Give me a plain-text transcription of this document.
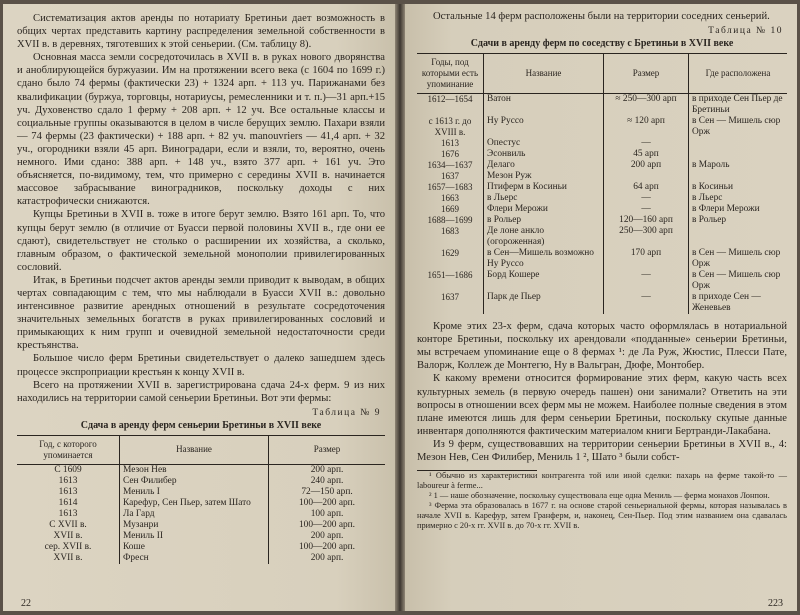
Систематизация актов аренды по нотариату Бретиньи дает возможность в общих чертах представить картину распределения земельной собственности в XVII в. в деревнях, тяготевших к этой сеньерии. (См. таблицу 8).

Основная масса земли сосредоточилась в XVII в. в руках нового дворянства и аноблирующейся буржуазии. Им на протяжении всего века (с 1604 по 1699 г.) сдано было 74 фермы (фактически 23) + 1324 арп. + 113 уч. Парижанами без квалификации (буржуа, торговцы, нотариусы, ремесленники и т. п.)—31 арп.+15 уч. Духовенство сдало 1 ферму + 208 арп. + 12 уч. Все остальные классы и социальные группы оказываются в целом в числе берущих землю. Пахари взяли — 74 фермы (23 фактически) + 188 арп. + 82 уч. manouvriers — 41,4 арп. + 32 уч., огородники взяли 45 арп. Виноградари, если и взяли, то, вероятно, очень немного. Ими сдано: 388 арп. + 148 уч., взято 377 арп. + 161 уч. Это объясняется, по-видимому, тем, что примерно с середины XVII в. начинается массовое забрасывание виноградников, поскольку доходы с них катастрофически снижаются.

Купцы Бретиньи в XVII в. тоже в итоге берут землю. Взято 161 арп. То, что купцы берут землю (в отличие от Буасси первой половины XVII в., где они ее сдают), свидетельствует не столько о расширении их хозяйства, а сколько, главным образом, о фактической земельной монополии привилегированных сословий.

Итак, в Бретиньи подсчет актов аренды земли приводит к выводам, в общих чертах совпадающим с тем, что мы наблюдали в Буасси XVII в.: довольно интенсивное развитие арендных отношений в результате сосредоточения значительных земельных богатств в руках привилегированных сословий и примыкающих к ним групп и очевидной земельной недостаточности среди крестьянства.

Большое число ферм Бретиньи свидетельствует о далеко зашедшем здесь процессе экспроприации крестьян к концу XVII в.

Всего на протяжении XVII в. зарегистрирована сдача 24-х ферм. 9 из них находились на территории самой сеньерии Бретиньи. Вот эти фермы:

Таблица № 9
Сдача в аренду ферм сеньерии Бретиньи в XVII веке
Год, с которого упоминается	Название	Размер
С 1609	Мезон Нев	200 арп.
1613	Сен Филибер	240 арп.
1613	Мениль I	72—150 арп.
1614	Карефур, Сен Пьер, затем Шато	100—200 арп.
1613	Ла Гард	100 арп.
С XVII в.	Музанри	100—200 арп.
XVII в.	Мениль II	200 арп.
сер. XVII в.	Коше	100—200 арп.
XVII в.	Фресн	200 арп.
22

Остальные 14 ферм расположены были на территории соседних сеньерий.

Таблица № 10
Сдачи в аренду ферм по соседству с Бретиньи в XVII веке
Годы, под которыми есть упоминание	Название	Размер	Где расположена
1612—1654	Ватон	≈ 250—300 арп	в приходе Сен Пьер де Бретиньи
с 1613 г. до XVIII в.	Ну Руссо	≈ 120 арп	в Сен — Мишель сюр Орж
1613	Опестус	—	
1676	Эсонвиль	45 арп	
1634—1637	Делаго	200 арп	в Мароль
1637	Мезон Руж		
1657—1683	Птиферм в Косиньи	64 арп	в Косиньи
1663	в Льерс	—	в Льерс
1669	Флери Мерожи	—	в Флери Мерожи
1688—1699	в Рольер	120—160 арп	в Рольер
1683	Де лоне анкло (огороженная)	250—300 арп	
1629	в Сен—Мишель возможно Ну Руссо	170 арп	в Сен — Мишель сюр Орж
1651—1686	Борд Кошере	—	в Сен — Мишель сюр Орж
1637	Парк де Пьер	—	в приходе Сен — Женевьев

Кроме этих 23-х ферм, сдача которых часто оформлялась в нотариальной конторе Бретиньи, поскольку их арендовали «подданные» сеньерии Бретиньи, мы встречаем упоминание еще о 8 фермах ¹: де Ла Руж, Жюстис, Плесси Пате, Валорж, Коллеж де Монтегю, Ну в Вальгран, Дюфе, Монтобер.

К какому времени относится формирование этих ферм, какую часть всех культурных земель (в первую очередь пашен) они занимали? Ответить на эти вопросы в отношении всех ферм мы не можем. Наиболее полные сведения в этом плане имеются лишь для ферм сеньерии Бретиньи, поскольку скупые данные инвентаря дополняются фактическим материалом книги Бертранди-Лакабана.

Из 9 ферм, существовавших на территории сеньерии Бретиньи в XVII в., 4: Мезон Нев, Сен Филибер, Мениль 1 ², Шато ³ были собст-

¹ Обычно из характеристики контрагента той или иной сделки: пахарь на ферме такой-то — laboureur à ferme...

² 1 — наше обозначение, поскольку существовала еще одна Мениль — ферма монахов Лонпон.

³ Ферма эта образовалась в 1677 г. на основе старой сеньериальной фермы, которая называлась в начале XVII в. Карефур, затем Гранферм, и, наконец, Сен-Пьер. Под этим названием она сдавалась примерно с 20-х гг. XVII в. до 70-х гг. XVII в.

223
